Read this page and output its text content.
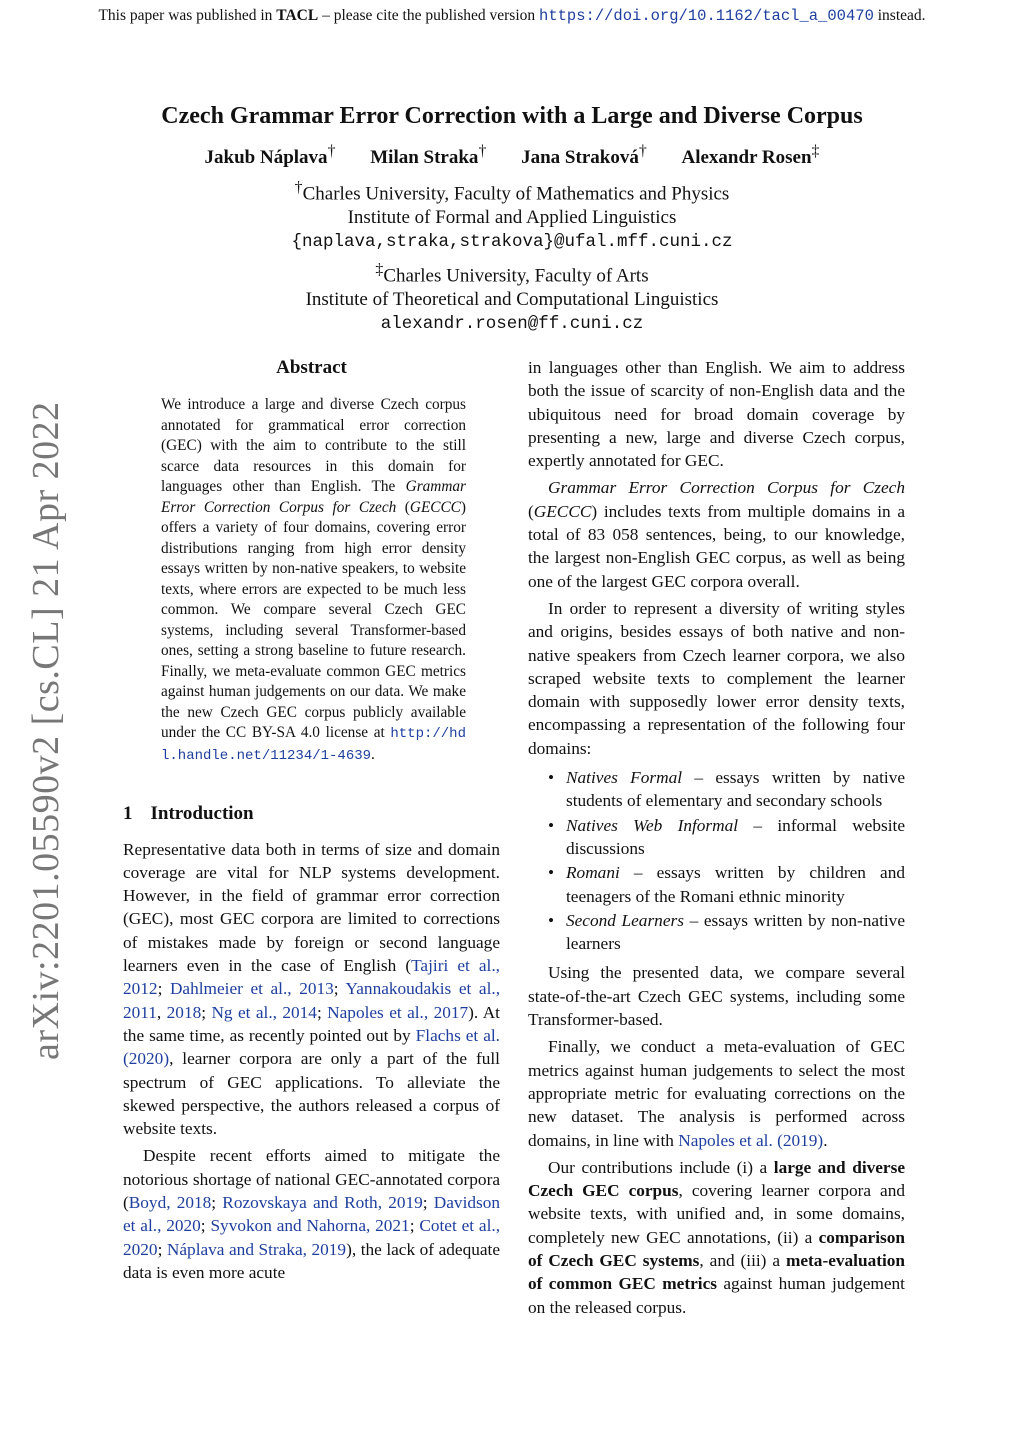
This paper was published in TACL – please cite the published version https://doi.org/10.1162/tacl_a_00470 instead.
arXiv:2201.05590v2 [cs.CL] 21 Apr 2022
Czech Grammar Error Correction with a Large and Diverse Corpus
Jakub Náplava† Milan Straka† Jana Straková† Alexandr Rosen‡
†Charles University, Faculty of Mathematics and Physics
Institute of Formal and Applied Linguistics
{naplava,straka,strakova}@ufal.mff.cuni.cz
‡Charles University, Faculty of Arts
Institute of Theoretical and Computational Linguistics
alexandr.rosen@ff.cuni.cz
Abstract
We introduce a large and diverse Czech corpus annotated for grammatical error correction (GEC) with the aim to contribute to the still scarce data resources in this domain for languages other than English. The Grammar Error Correction Corpus for Czech (GECCC) offers a variety of four domains, covering error distributions ranging from high error density essays written by non-native speakers, to website texts, where errors are expected to be much less common. We compare several Czech GEC systems, including several Transformer-based ones, setting a strong baseline to future research. Finally, we meta-evaluate common GEC metrics against human judgements on our data. We make the new Czech GEC corpus publicly available under the CC BY-SA 4.0 license at http://hdl.handle.net/11234/1-4639.
1 Introduction

Representative data both in terms of size and domain coverage are vital for NLP systems development. However, in the field of grammar error correction (GEC), most GEC corpora are limited to corrections of mistakes made by foreign or second language learners even in the case of English (Tajiri et al., 2012; Dahlmeier et al., 2013; Yannakoudakis et al., 2011, 2018; Ng et al., 2014; Napoles et al., 2017). At the same time, as recently pointed out by Flachs et al. (2020), learner corpora are only a part of the full spectrum of GEC applications. To alleviate the skewed perspective, the authors released a corpus of website texts.

Despite recent efforts aimed to mitigate the notorious shortage of national GEC-annotated corpora (Boyd, 2018; Rozovskaya and Roth, 2019; Davidson et al., 2020; Syvokon and Nahorna, 2021; Cotet et al., 2020; Náplava and Straka, 2019), the lack of adequate data is even more acute

in languages other than English. We aim to address both the issue of scarcity of non-English data and the ubiquitous need for broad domain coverage by presenting a new, large and diverse Czech corpus, expertly annotated for GEC.

Grammar Error Correction Corpus for Czech (GECCC) includes texts from multiple domains in a total of 83 058 sentences, being, to our knowledge, the largest non-English GEC corpus, as well as being one of the largest GEC corpora overall.

In order to represent a diversity of writing styles and origins, besides essays of both native and non-native speakers from Czech learner corpora, we also scraped website texts to complement the learner domain with supposedly lower error density texts, encompassing a representation of the following four domains:

• Natives Formal – essays written by native students of elementary and secondary schools
• Natives Web Informal – informal website discussions
• Romani – essays written by children and teenagers of the Romani ethnic minority
• Second Learners – essays written by non-native learners

Using the presented data, we compare several state-of-the-art Czech GEC systems, including some Transformer-based.

Finally, we conduct a meta-evaluation of GEC metrics against human judgements to select the most appropriate metric for evaluating corrections on the new dataset. The analysis is performed across domains, in line with Napoles et al. (2019).

Our contributions include (i) a large and diverse Czech GEC corpus, covering learner corpora and website texts, with unified and, in some domains, completely new GEC annotations, (ii) a comparison of Czech GEC systems, and (iii) a meta-evaluation of common GEC metrics against human judgement on the released corpus.
